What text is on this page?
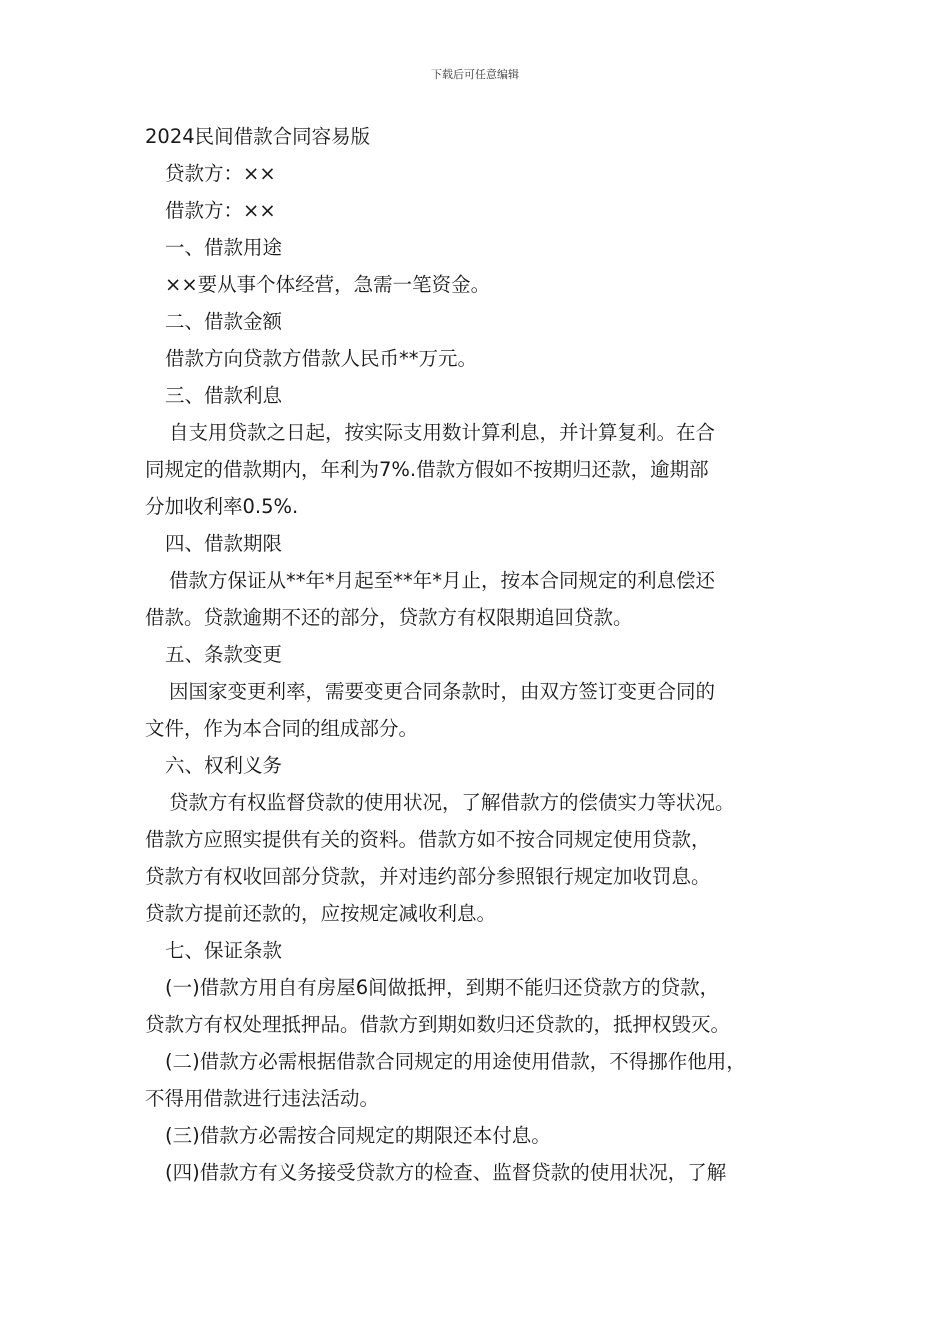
下载后可任意编辑
2024民间借款合同容易版
贷款方：××
借款方：××
一、借款用途
××要从事个体经营，急需一笔资金。
二、借款金额
借款方向贷款方借款人民币**万元。
三、借款利息
自支用贷款之日起，按实际支用数计算利息，并计算复利。在合
同规定的借款期内，年利为7%.借款方假如不按期归还款，逾期部
分加收利率0.5%.
四、借款期限
借款方保证从**年*月起至**年*月止，按本合同规定的利息偿还
借款。贷款逾期不还的部分，贷款方有权限期追回贷款。
五、条款变更
因国家变更利率，需要变更合同条款时，由双方签订变更合同的
文件，作为本合同的组成部分。
六、权利义务
贷款方有权监督贷款的使用状况，了解借款方的偿债实力等状况。
借款方应照实提供有关的资料。借款方如不按合同规定使用贷款，
贷款方有权收回部分贷款，并对违约部分参照银行规定加收罚息。
贷款方提前还款的，应按规定减收利息。
七、保证条款
(一)借款方用自有房屋6间做抵押，到期不能归还贷款方的贷款，
贷款方有权处理抵押品。借款方到期如数归还贷款的，抵押权毁灭。
(二)借款方必需根据借款合同规定的用途使用借款，不得挪作他用，
不得用借款进行违法活动。
(三)借款方必需按合同规定的期限还本付息。
(四)借款方有义务接受贷款方的检查、监督贷款的使用状况，了解
